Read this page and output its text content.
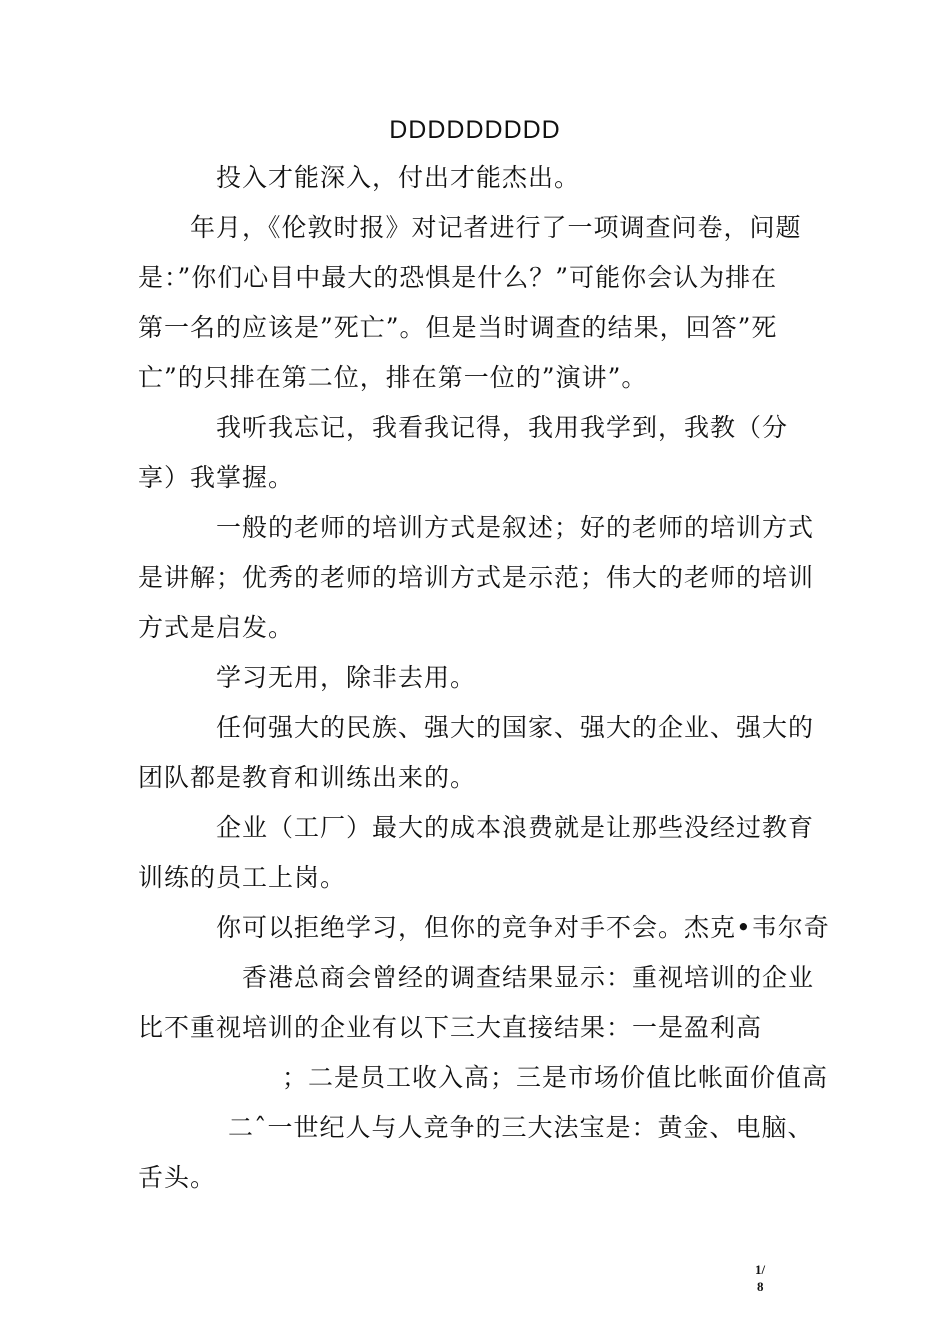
DDDDDDDDD
投入才能深入，付出才能杰出。
年月，《伦敦时报》对记者进行了一项调查问卷，问题
是：”你们心目中最大的恐惧是什么？”可能你会认为排在
第一名的应该是”死亡”。但是当时调查的结果，回答”死
亡”的只排在第二位，排在第一位的”演讲”。
我听我忘记，我看我记得，我用我学到，我教（分
享）我掌握。
一般的老师的培训方式是叙述；好的老师的培训方式
是讲解；优秀的老师的培训方式是示范；伟大的老师的培训
方式是启发。
学习无用，除非去用。
任何强大的民族、强大的国家、强大的企业、强大的
团队都是教育和训练出来的。
企业（工厂）最大的成本浪费就是让那些没经过教育
训练的员工上岗。
你可以拒绝学习，但你的竞争对手不会。杰克•韦尔奇
香港总商会曾经的调查结果显示：重视培训的企业
比不重视培训的企业有以下三大直接结果：一是盈利高
；二是员工收入高；三是市场价值比帐面价值高
二ˆ一世纪人与人竞争的三大法宝是：黄金、电脑、
舌头。
1/
8
